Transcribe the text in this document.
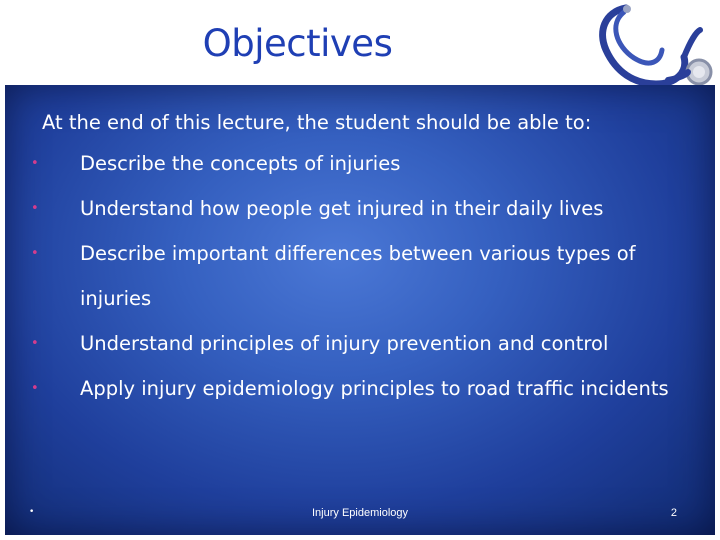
Objectives
At the end of this lecture, the student should be able to:
• Describe the concepts of injuries
• Understand how people get injured in their daily lives
• Describe important differences between various types of injuries
• Understand principles of injury prevention and control
• Apply injury epidemiology principles to road traffic incidents
•	Injury Epidemiology	2
